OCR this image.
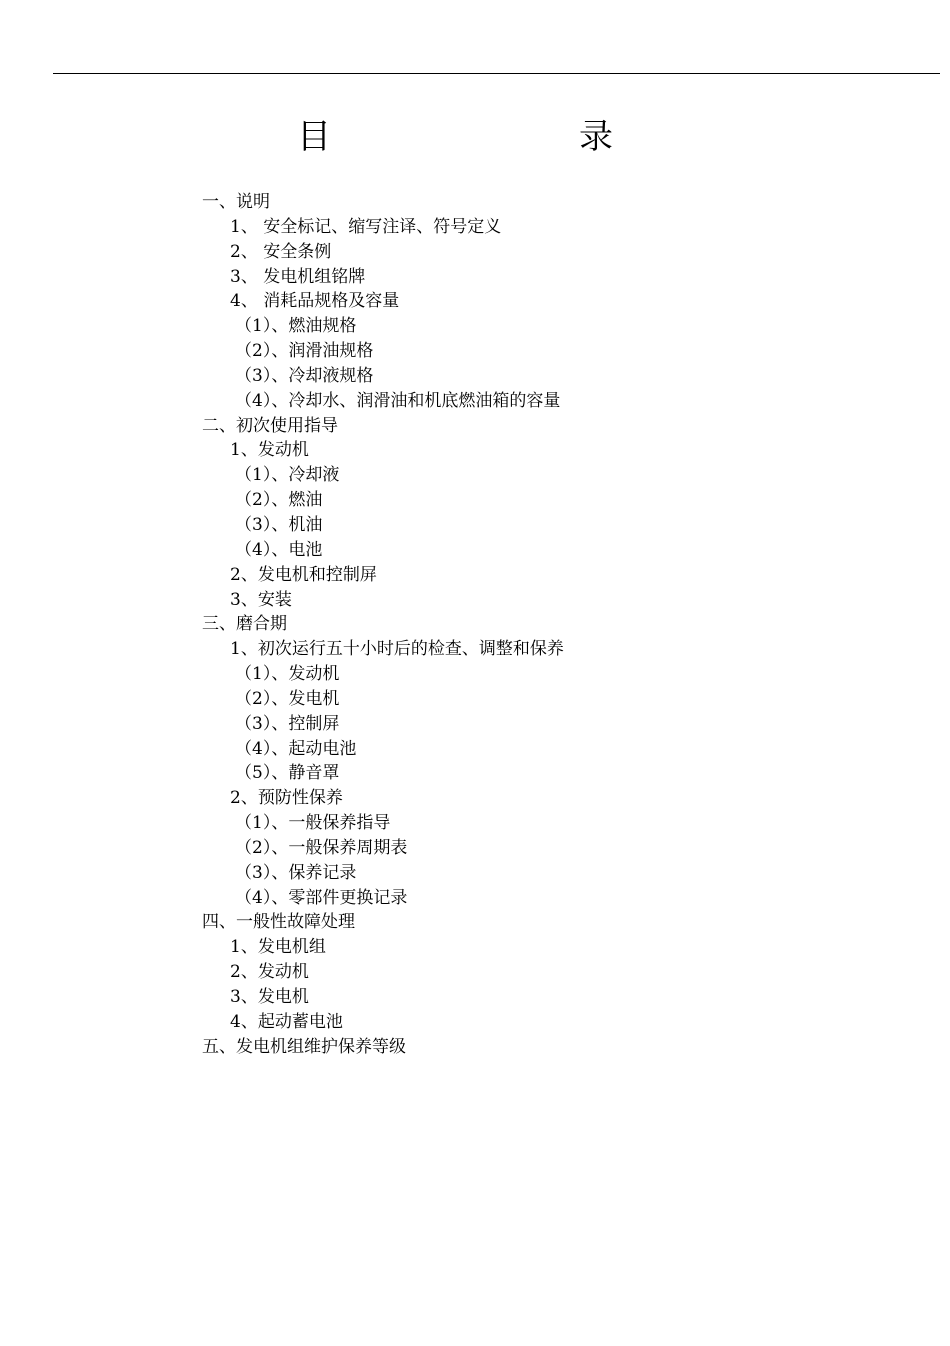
目　　录
一、说明
1、 安全标记、缩写注译、符号定义
2、 安全条例
3、 发电机组铭牌
4、 消耗品规格及容量
（1）、燃油规格
（2）、润滑油规格
（3）、冷却液规格
（4）、冷却水、润滑油和机底燃油箱的容量
二、初次使用指导
1、发动机
（1）、冷却液
（2）、燃油
（3）、机油
（4）、电池
2、发电机和控制屏
3、安装
三、磨合期
1、初次运行五十小时后的检查、调整和保养
（1）、发动机
（2）、发电机
（3）、控制屏
（4）、起动电池
（5）、静音罩
2、预防性保养
（1）、一般保养指导
（2）、一般保养周期表
（3）、保养记录
（4）、零部件更换记录
四、一般性故障处理
1、发电机组
2、发动机
3、发电机
4、起动蓄电池
五、发电机组维护保养等级
